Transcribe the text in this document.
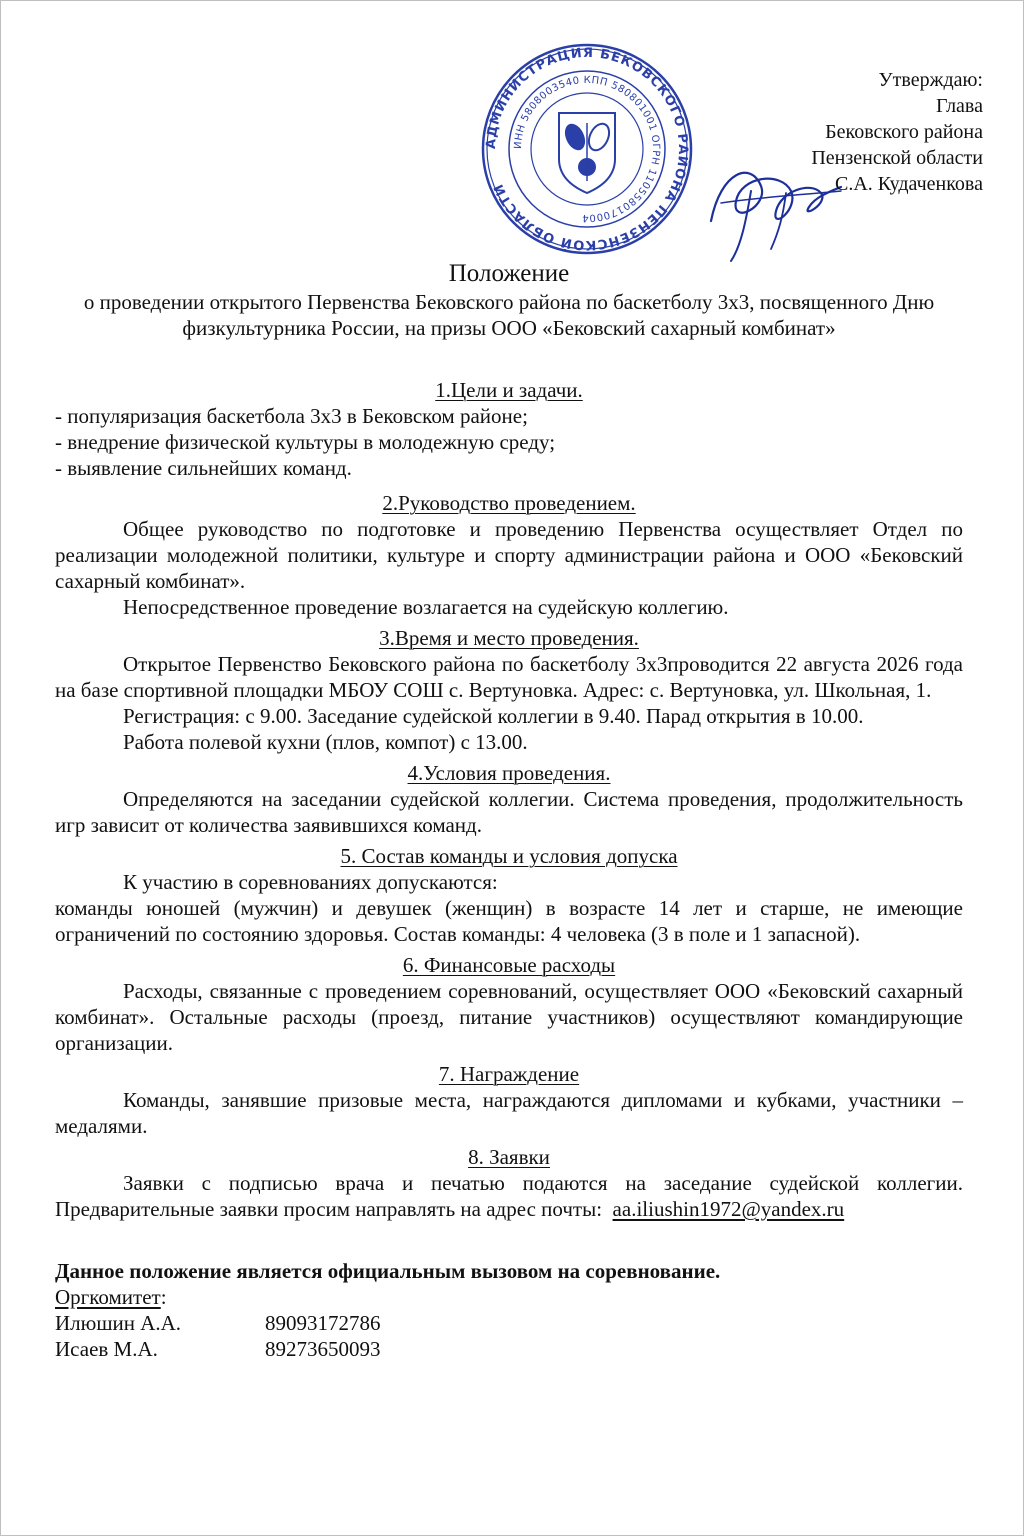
АДМИНИСТРАЦИЯ БЕКОВСКОГО РАЙОНА ПЕНЗЕНСКОЙ ОБЛАСТИ
ИНН 5808003540 КПП 580801001 ОГРН 1105580170004
Утверждаю:
Глава
Бековского района
Пензенской области
С.А. Кудаченкова
Положение

о проведении открытого Первенства Бековского района по баскетболу 3х3, посвященного Дню физкультурника России, на призы ООО «Бековский сахарный комбинат»

1.Цели и задачи.

- популяризация баскетбола 3х3 в Бековском районе;

- внедрение физической культуры в молодежную среду;

- выявление сильнейших команд.

2.Руководство проведением.

Общее руководство по подготовке и проведению Первенства осуществляет Отдел по реализации молодежной политики, культуре и спорту администрации района и ООО «Бековский сахарный комбинат».

Непосредственное проведение возлагается на судейскую коллегию.

3.Время и место проведения.

Открытое Первенство Бековского района по баскетболу 3х3проводится 22 августа 2026 года на базе спортивной площадки МБОУ СОШ с. Вертуновка. Адрес: с. Вертуновка, ул. Школьная, 1.

Регистрация: с 9.00. Заседание судейской коллегии в 9.40. Парад открытия в 10.00.

Работа полевой кухни (плов, компот) с 13.00.

4.Условия проведения.

Определяются на заседании судейской коллегии. Система проведения, продолжительность игр зависит от количества заявившихся команд.

5. Состав команды и условия допуска

К участию в соревнованиях допускаются:

команды юношей (мужчин) и девушек (женщин) в возрасте 14 лет и старше, не имеющие ограничений по состоянию здоровья. Состав команды: 4 человека (3 в поле и 1 запасной).

6. Финансовые расходы

Расходы, связанные с проведением соревнований, осуществляет ООО «Бековский сахарный комбинат». Остальные расходы (проезд, питание участников) осуществляют командирующие организации.

7. Награждение

Команды, занявшие призовые места, награждаются дипломами и кубками, участники – медалями.

8. Заявки

Заявки с подписью врача и печатью подаются на заседание судейской коллегии. Предварительные заявки просим направлять на адрес почты: aa.iliushin1972@yandex.ru

Данное положение является официальным вызовом на соревнование.

Оргкомитет:

Илюшин А.А.	89093172786
Исаев М.А.	89273650093
